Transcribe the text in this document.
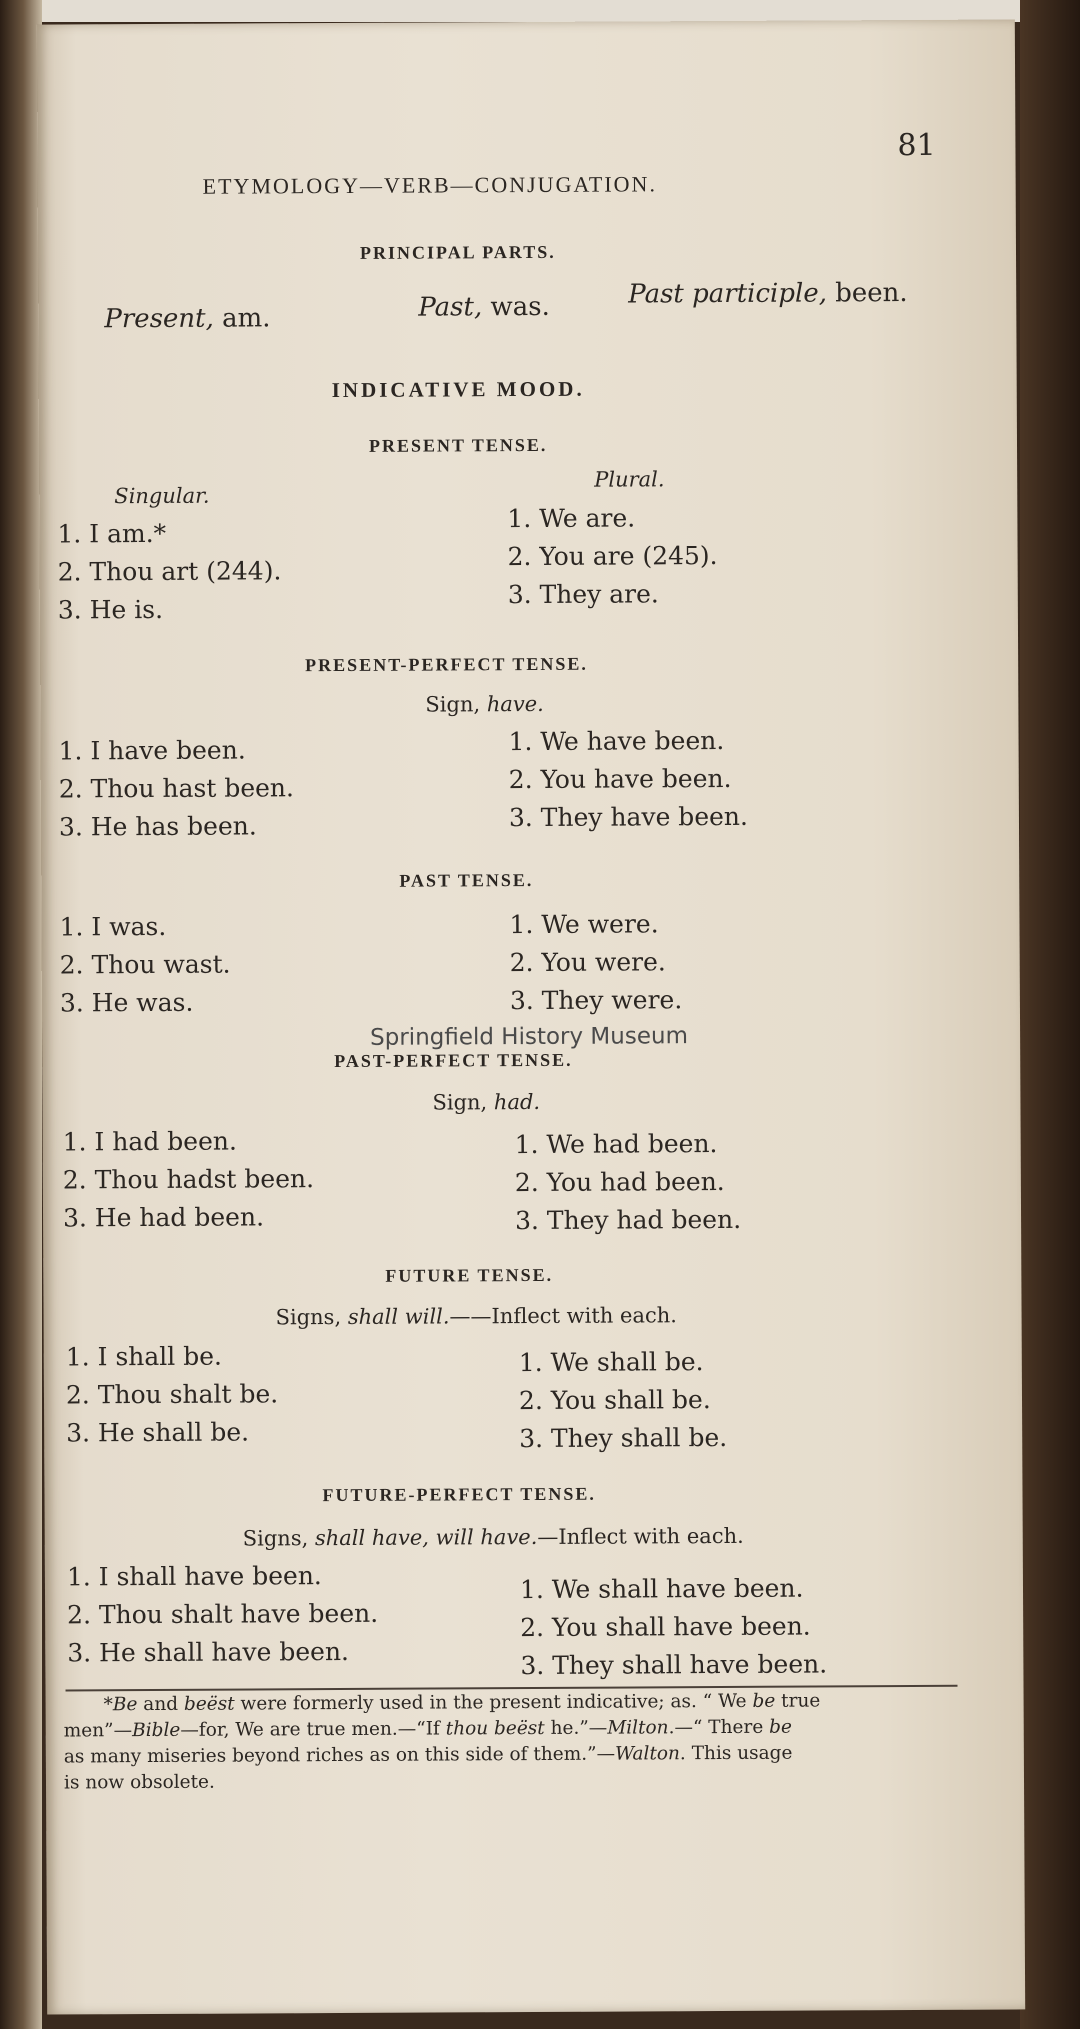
81
ETYMOLOGY—VERB—CONJUGATION.
PRINCIPAL PARTS.
Present, am.	Past, was.	Past participle, been.
INDICATIVE MOOD.
PRESENT TENSE.
Singular.
Plural.
1. I am.*
2. Thou art (244).
3. He is.
1. We are.
2. You are (245).
3. They are.
PRESENT-PERFECT TENSE.
Sign, have.
1. I have been.
2. Thou hast been.
3. He has been.
1. We have been.
2. You have been.
3. They have been.
PAST TENSE.
1. I was.
2. Thou wast.
3. He was.
1. We were.
2. You were.
3. They were.
Springfield History Museum
PAST-PERFECT TENSE.
Sign, had.
1. I had been.
2. Thou hadst been.
3. He had been.
1. We had been.
2. You had been.
3. They had been.
FUTURE TENSE.
Signs, shall will.——Inflect with each.
1. I shall be.
2. Thou shalt be.
3. He shall be.
1. We shall be.
2. You shall be.
3. They shall be.
FUTURE-PERFECT TENSE.
Signs, shall have, will have.—Inflect with each.
1. I shall have been.
2. Thou shalt have been.
3. He shall have been.
1. We shall have been.
2. You shall have been.
3. They shall have been.
*Be and beëst were formerly used in the present indicative; as. “ We be true
men”—Bible—for, We are true men.—“If thou beëst he.”—Milton.—“ There be
as many miseries beyond riches as on this side of them.”—Walton. This usage
is now obsolete.
